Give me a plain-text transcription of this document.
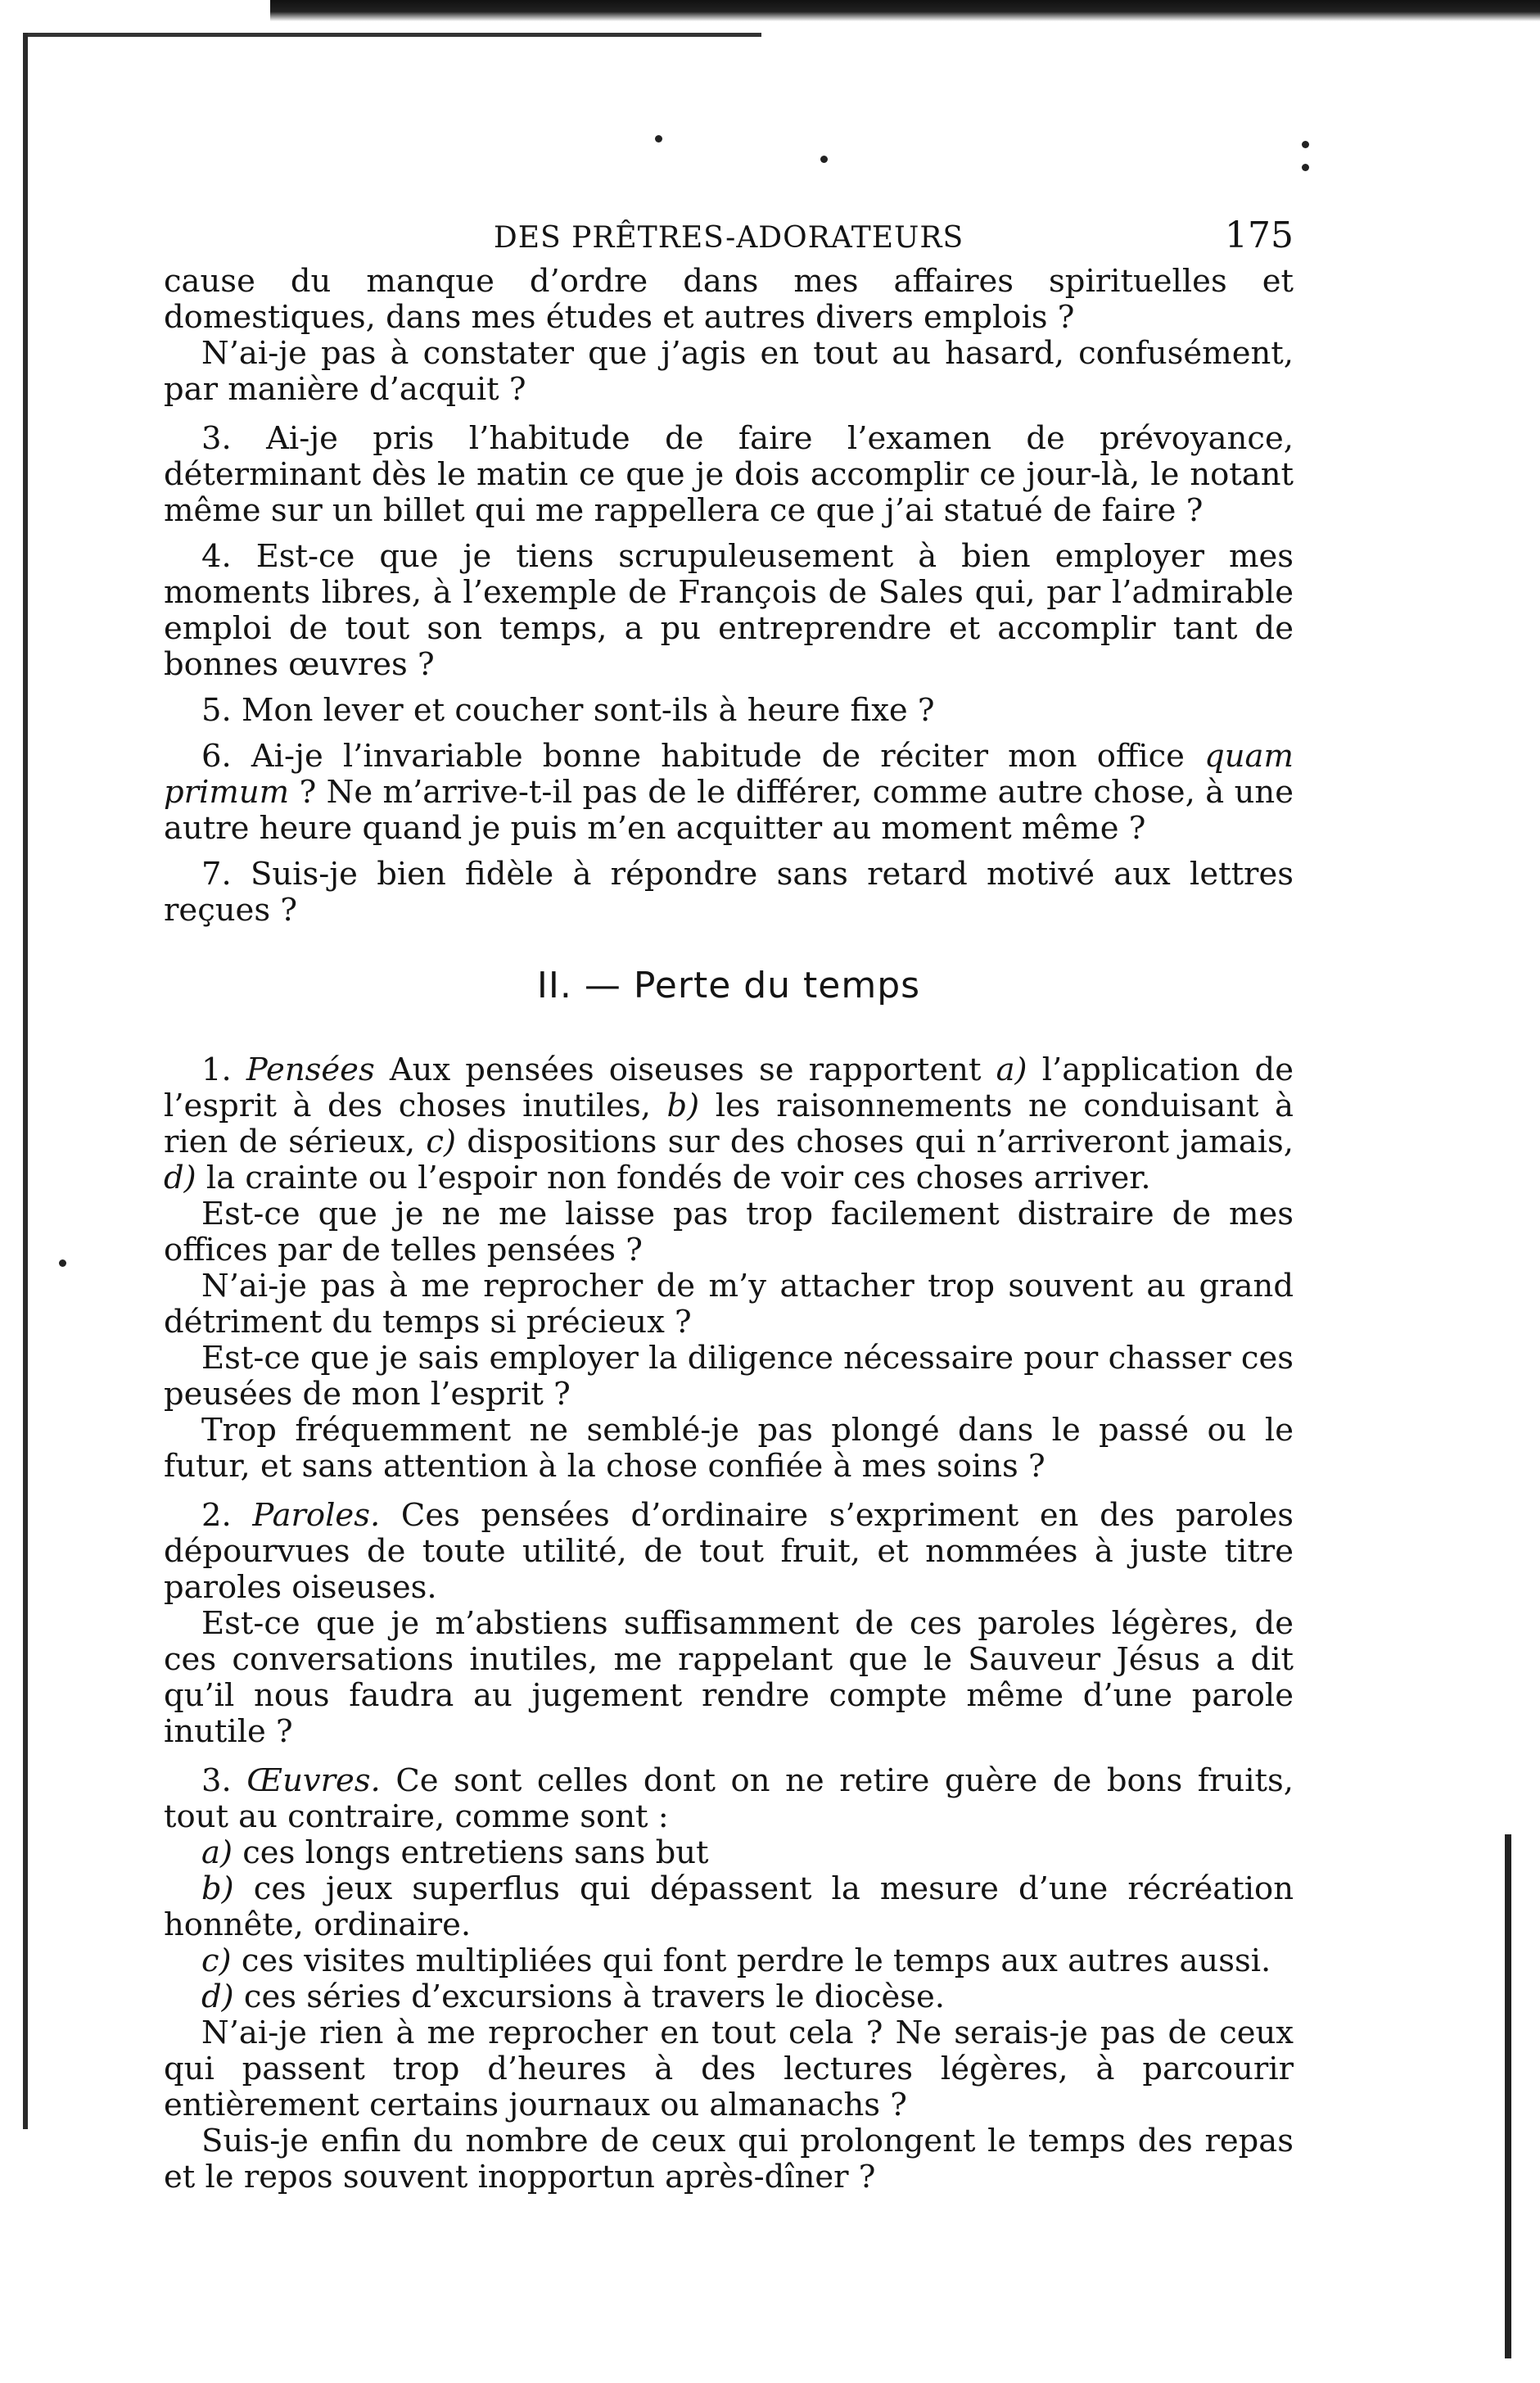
DES PRÊTRES-ADORATEURS	175

cause du manque d’ordre dans mes affaires spirituelles et domestiques, dans mes études et autres divers emplois ?

N’ai-je pas à constater que j’agis en tout au hasard, confusément, par manière d’acquit ?

3. Ai-je pris l’habitude de faire l’examen de prévoyance, déterminant dès le matin ce que je dois accomplir ce jour-là, le notant même sur un billet qui me rappellera ce que j’ai statué de faire ?

4. Est-ce que je tiens scrupuleusement à bien employer mes moments libres, à l’exemple de François de Sales qui, par l’admirable emploi de tout son temps, a pu entreprendre et accomplir tant de bonnes œuvres ?

5. Mon lever et coucher sont-ils à heure fixe ?

6. Ai-je l’invariable bonne habitude de réciter mon office quam primum ? Ne m’arrive-t-il pas de le différer, comme autre chose, à une autre heure quand je puis m’en acquitter au moment même ?

7. Suis-je bien fidèle à répondre sans retard motivé aux lettres reçues ?

II. — Perte du temps

1. Pensées Aux pensées oiseuses se rapportent a) l’application de l’esprit à des choses inutiles, b) les raisonnements ne conduisant à rien de sérieux, c) dispositions sur des choses qui n’arriveront jamais, d) la crainte ou l’espoir non fondés de voir ces choses arriver.

Est-ce que je ne me laisse pas trop facilement distraire de mes offices par de telles pensées ?

N’ai-je pas à me reprocher de m’y attacher trop souvent au grand détriment du temps si précieux ?

Est-ce que je sais employer la diligence nécessaire pour chasser ces peusées de mon l’esprit ?

Trop fréquemment ne semblé-je pas plongé dans le passé ou le futur, et sans attention à la chose confiée à mes soins ?

2. Paroles. Ces pensées d’ordinaire s’expriment en des paroles dépourvues de toute utilité, de tout fruit, et nommées à juste titre paroles oiseuses.

Est-ce que je m’abstiens suffisamment de ces paroles légères, de ces conversations inutiles, me rappelant que le Sauveur Jésus a dit qu’il nous faudra au jugement rendre compte même d’une parole inutile ?

3. Œuvres. Ce sont celles dont on ne retire guère de bons fruits, tout au contraire, comme sont :

a) ces longs entretiens sans but

b) ces jeux superflus qui dépassent la mesure d’une récréation honnête, ordinaire.

c) ces visites multipliées qui font perdre le temps aux autres aussi.

d) ces séries d’excursions à travers le diocèse.

N’ai-je rien à me reprocher en tout cela ? Ne serais-je pas de ceux qui passent trop d’heures à des lectures légères, à parcourir entièrement certains journaux ou almanachs ?

Suis-je enfin du nombre de ceux qui prolongent le temps des repas et le repos souvent inopportun après-dîner ?
